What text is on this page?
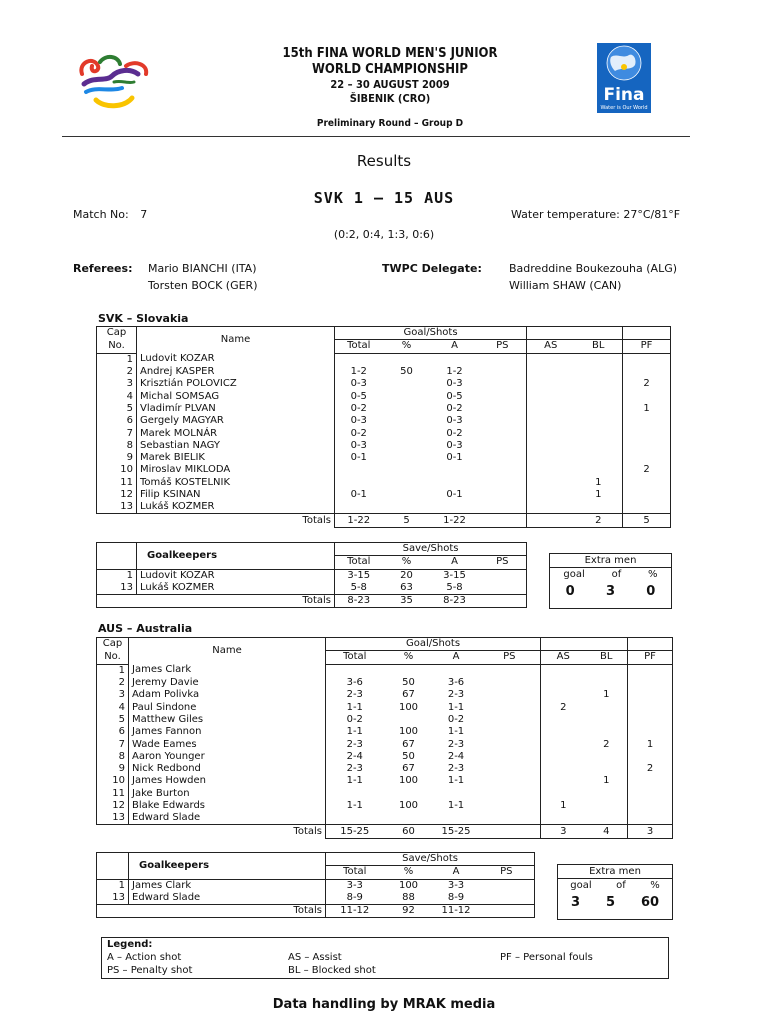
15th FINA WORLD MEN'S JUNIOR
WORLD CHAMPIONSHIP
22 – 30 AUGUST 2009
ŠIBENIK (CRO)
Preliminary Round – Group D
Fina
Water is Our World
Results
SVK 1 – 15 AUS
Match No: 7	Water temperature: 27°C/81°F
(0:2, 0:4, 1:3, 0:6)
Referees: Mario BIANCHI (ITA)
Torsten BOCK (GER)
TWPC Delegate: Badreddine Boukezouha (ALG)
William SHAW (CAN)
SVK – Slovakia
Cap	Name	Goal/Shots						
No.		Total	%	A	PS	AS	BL	PF
1	Ludovit KOZAR							
2	Andrej KASPER	1-2	50	1-2				
3	Krisztián POLOVICZ	0-3		0-3				2
4	Michal SOMSAG	0-5		0-5				
5	Vladimír PLVAN	0-2		0-2				1
6	Gergely MAGYAR	0-3		0-3				
7	Marek MOLNÁR	0-2		0-2				
8	Sebastian NAGY	0-3		0-3				
9	Marek BIELIK	0-1		0-1				
10	Miroslav MIKLODA							2
11	Tomáš KOSTELNIK						1	
12	Filip KSINAN	0-1		0-1			1	
13	Lukáš KOŽMER							
Totals		1-22	5	1-22			2	5
	Goalkeepers	Save/Shots			
		Total	%	A	PS
1	Ludovit KOZAR	3-15	20	3-15	
13	Lukáš KOŽMER	5-8	63	5-8	
Totals		8-23	35	8-23	
Extra men
goal	of	%
0 3 0
AUS – Australia
Cap	Name	Goal/Shots						
No.		Total	%	A	PS	AS	BL	PF
1	James Clark							
2	Jeremy Davie	3-6	50	3-6				
3	Adam Polivka	2-3	67	2-3			1	
4	Paul Sindone	1-1	100	1-1		2		
5	Matthew Giles	0-2		0-2				
6	James Fannon	1-1	100	1-1				
7	Wade Eames	2-3	67	2-3			2	1
8	Aaron Younger	2-4	50	2-4				
9	Nick Redbond	2-3	67	2-3				2
10	James Howden	1-1	100	1-1			1	
11	Jake Burton							
12	Blake Edwards	1-1	100	1-1		1		
13	Edward Slade							
Totals		15-25	60	15-25		3	4	3
	Goalkeepers	Save/Shots			
		Total	%	A	PS
1	James Clark	3-3	100	3-3	
13	Edward Slade	8-9	88	8-9	
Totals		11-12	92	11-12	
Extra men
goal of %
3 5 60
Legend:
A – Action shot	AS – Assist	PF – Personal fouls
PS – Penalty shot	BL – Blocked shot
Data handling by MRAK media
